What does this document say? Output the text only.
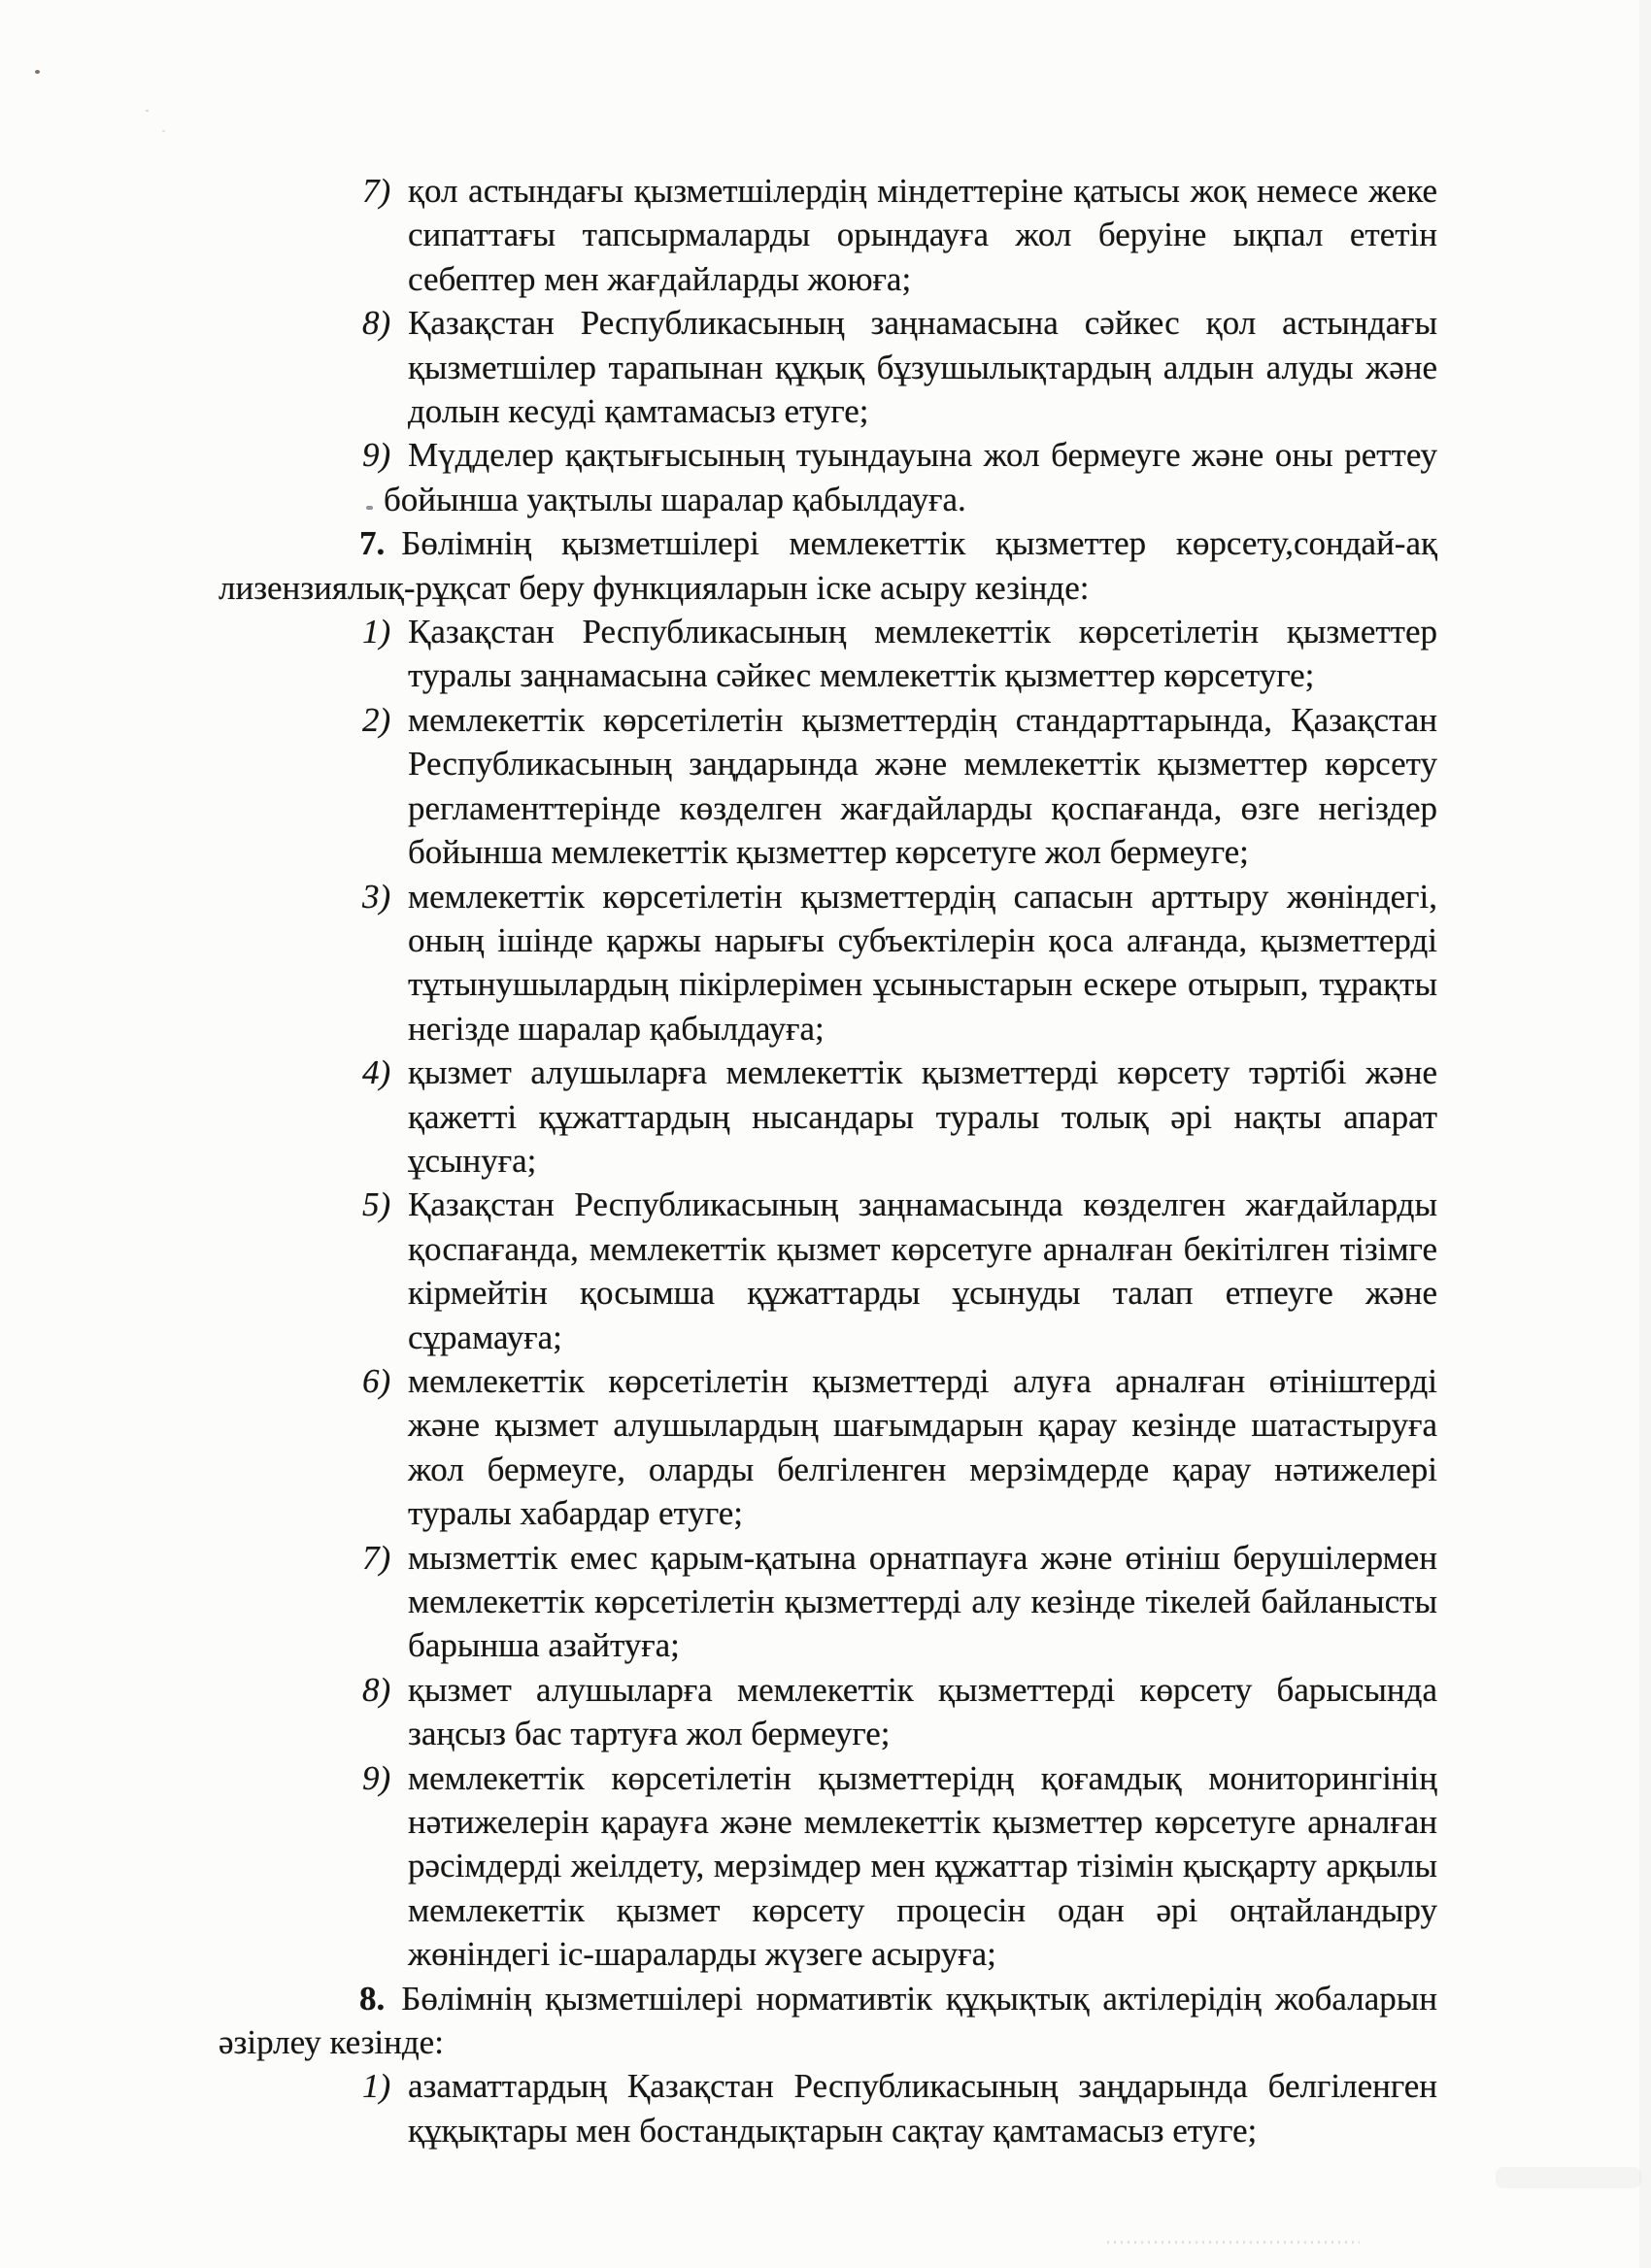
7) қол астындағы қызметшілердің міндеттеріне қатысы жоқ немесе жеке сипаттағы тапсырмаларды орындауға жол беруіне ықпал ететін себептер мен жағдайларды жоюға;
8) Қазақстан Республикасының заңнамасына сәйкес қол астындағы қызметшілер тарапынан құқық бұзушылықтардың алдын алуды және долын кесуді қамтамасыз етуге;
9) Мүдделер қақтығысының туындауына жол бермеуге және оны реттеу бойынша уақтылы шаралар қабылдауға.

7. Бөлімнің қызметшілері мемлекеттік қызметтер көрсету,сондай-ақ лизензиялық-рұқсат беру функцияларын іске асыру кезінде:

1) Қазақстан Республикасының мемлекеттік көрсетілетін қызметтер туралы заңнамасына сәйкес мемлекеттік қызметтер көрсетуге;
2) мемлекеттік көрсетілетін қызметтердің стандарттарында, Қазақстан Республикасының заңдарында және мемлекеттік қызметтер көрсету регламенттерінде көзделген жағдайларды қоспағанда, өзге негіздер бойынша мемлекеттік қызметтер көрсетуге жол бермеуге;
3) мемлекеттік көрсетілетін қызметтердің сапасын арттыру жөніндегі, оның ішінде қаржы нарығы субъектілерін қоса алғанда, қызметтерді тұтынушылардың пікірлерімен ұсыныстарын ескере отырып, тұрақты негізде шаралар қабылдауға;
4) қызмет алушыларға мемлекеттік қызметтерді көрсету тәртібі және қажетті құжаттардың нысандары туралы толық әрі нақты апарат ұсынуға;
5) Қазақстан Республикасының заңнамасында көзделген жағдайларды қоспағанда, мемлекеттік қызмет көрсетуге арналған бекітілген тізімге кірмейтін қосымша құжаттарды ұсынуды талап етпеуге және сұрамауға;
6) мемлекеттік көрсетілетін қызметтерді алуға арналған өтініштерді және қызмет алушылардың шағымдарын қарау кезінде шатастыруға жол бермеуге, оларды белгіленген мерзімдерде қарау нәтижелері туралы хабардар етуге;
7) мызметтік емес қарым-қатына орнатпауға және өтініш берушілермен мемлекеттік көрсетілетін қызметтерді алу кезінде тікелей байланысты барынша азайтуға;
8) қызмет алушыларға мемлекеттік қызметтерді көрсету барысында заңсыз бас тартуға жол бермеуге;
9) мемлекеттік көрсетілетін қызметтерідң қоғамдық мониторингінің нәтижелерін қарауға және мемлекеттік қызметтер көрсетуге арналған рәсімдерді жеілдету, мерзімдер мен құжаттар тізімін қысқарту арқылы мемлекеттік қызмет көрсету процесін одан әрі оңтайландыру жөніндегі іс-шараларды жүзеге асыруға;

8. Бөлімнің қызметшілері нормативтік құқықтық актілерідің жобаларын әзірлеу кезінде:

1) азаматтардың Қазақстан Республикасының заңдарында белгіленген құқықтары мен бостандықтарын сақтау қамтамасыз етуге;
